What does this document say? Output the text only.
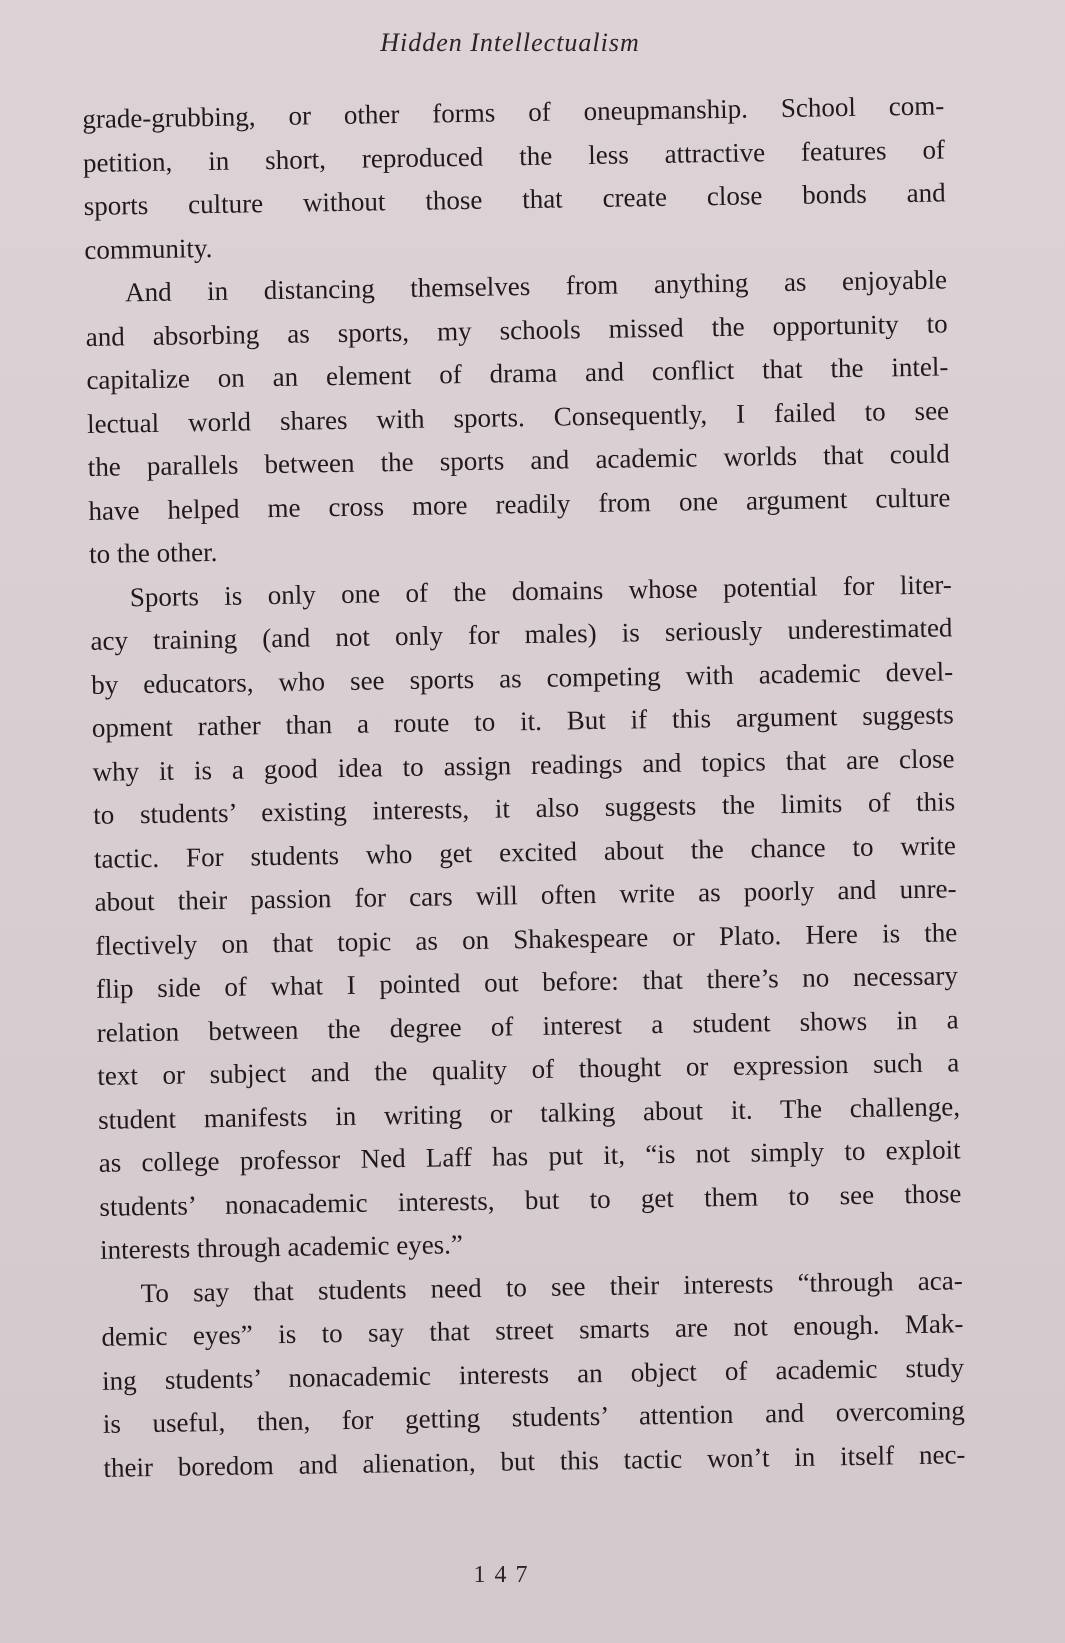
Hidden Intellectualism

grade-grubbing, or other forms of oneupmanship. School com-
petition, in short, reproduced the less attractive features of
sports culture without those that create close bonds and
community.

And in distancing themselves from anything as enjoyable
and absorbing as sports, my schools missed the opportunity to
capitalize on an element of drama and conflict that the intel-
lectual world shares with sports. Consequently, I failed to see
the parallels between the sports and academic worlds that could
have helped me cross more readily from one argument culture
to the other.

Sports is only one of the domains whose potential for liter-
acy training (and not only for males) is seriously underestimated
by educators, who see sports as competing with academic devel-
opment rather than a route to it. But if this argument suggests
why it is a good idea to assign readings and topics that are close
to students’ existing interests, it also suggests the limits of this
tactic. For students who get excited about the chance to write
about their passion for cars will often write as poorly and unre-
flectively on that topic as on Shakespeare or Plato. Here is the
flip side of what I pointed out before: that there’s no necessary
relation between the degree of interest a student shows in a
text or subject and the quality of thought or expression such a
student manifests in writing or talking about it. The challenge,
as college professor Ned Laff has put it, “is not simply to exploit
students’ nonacademic interests, but to get them to see those
interests through academic eyes.”

To say that students need to see their interests “through aca-
demic eyes” is to say that street smarts are not enough. Mak-
ing students’ nonacademic interests an object of academic study
is useful, then, for getting students’ attention and overcoming
their boredom and alienation, but this tactic won’t in itself nec-

147
